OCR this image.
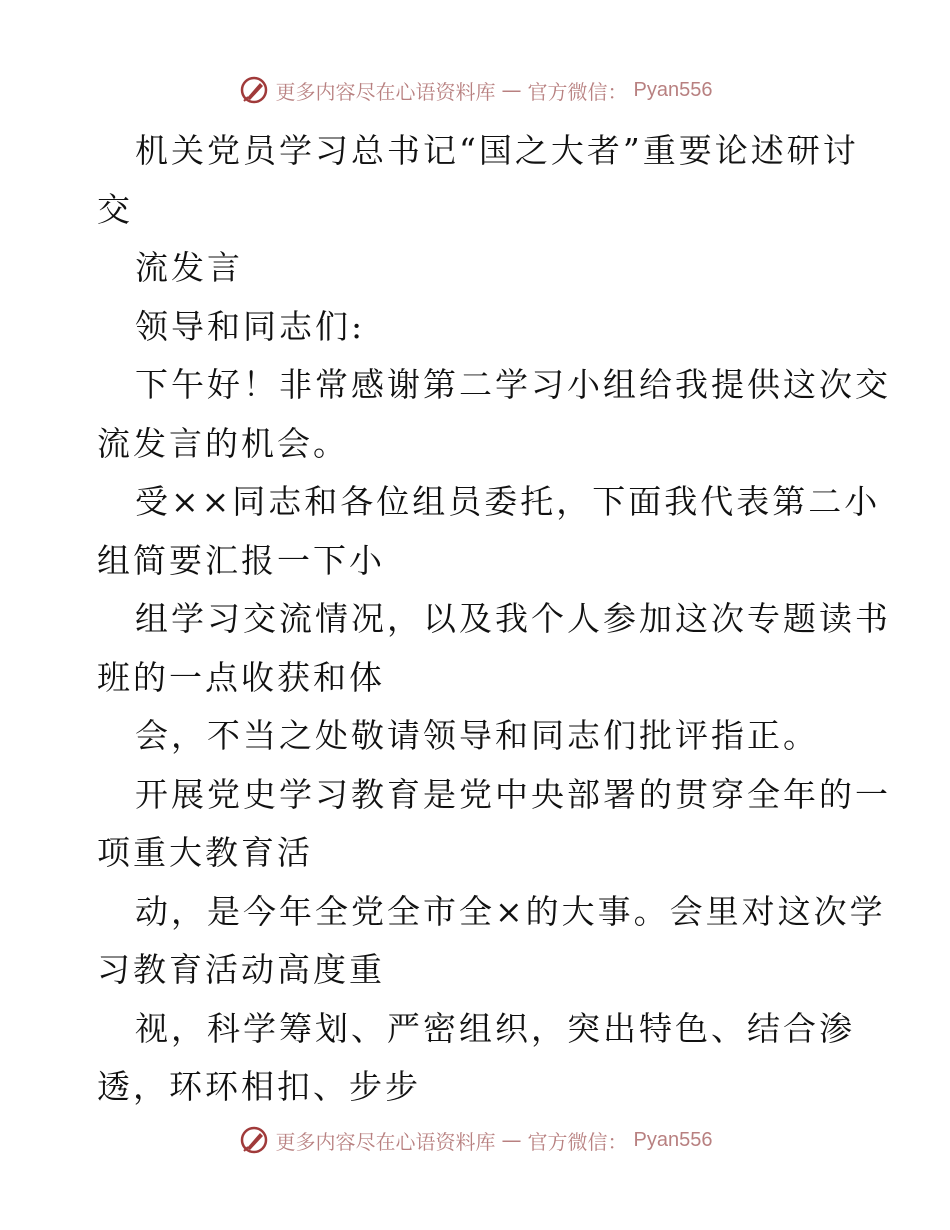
更多内容尽在心语资料库 — 官方微信： Pyan556
机关党员学习总书记“国之大者”重要论述研讨
交
流发言
领导和同志们:
下午好！非常感谢第二学习小组给我提供这次交
流发言的机会。
受××同志和各位组员委托，下面我代表第二小
组简要汇报一下小
组学习交流情况，以及我个人参加这次专题读书
班的一点收获和体
会，不当之处敬请领导和同志们批评指正。
开展党史学习教育是党中央部署的贯穿全年的一
项重大教育活
动，是今年全党全市全×的大事。会里对这次学
习教育活动高度重
视，科学筹划、严密组织，突出特色、结合渗
透，环环相扣、步步
更多内容尽在心语资料库 — 官方微信： Pyan556
